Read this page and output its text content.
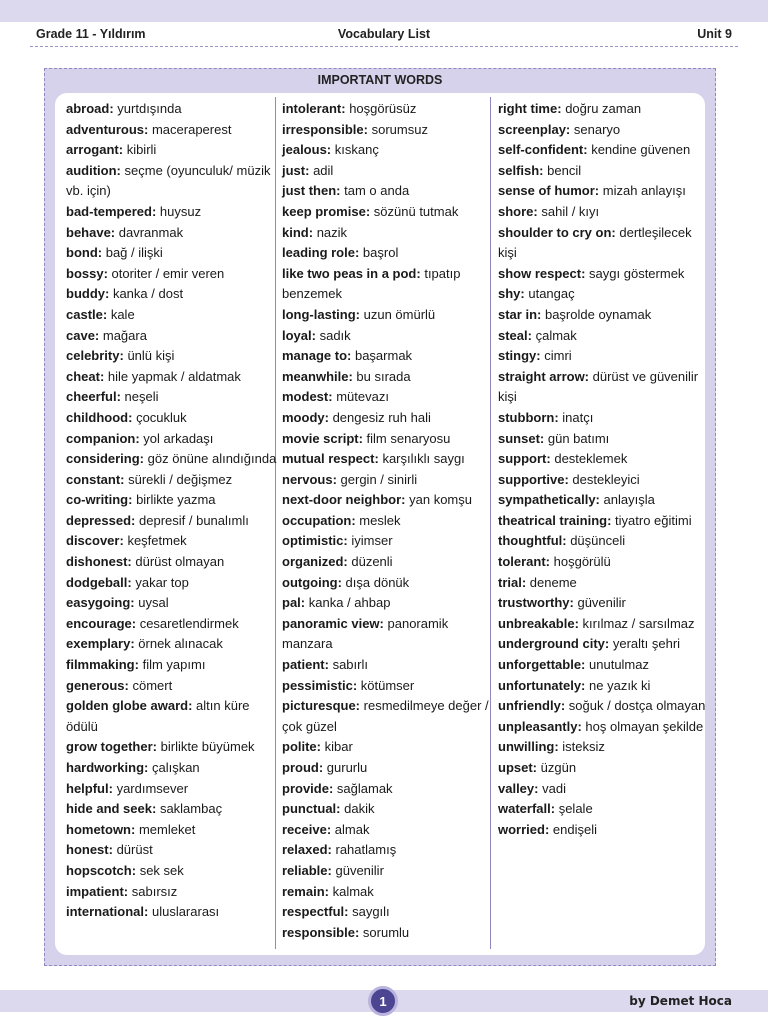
Grade 11 - Yıldırım	Vocabulary List	Unit 9
IMPORTANT WORDS
abroad: yurtdışında
adventurous: maceraperest
arrogant: kibirli
audition: seçme (oyunculuk/ müzik vb. için)
bad-tempered: huysuz
behave: davranmak
bond: bağ / ilişki
bossy: otoriter / emir veren
buddy: kanka / dost
castle: kale
cave: mağara
celebrity: ünlü kişi
cheat: hile yapmak / aldatmak
cheerful: neşeli
childhood: çocukluk
companion: yol arkadaşı
considering: göz önüne alındığında
constant: sürekli / değişmez
co-writing: birlikte yazma
depressed: depresif / bunalımlı
discover: keşfetmek
dishonest: dürüst olmayan
dodgeball: yakar top
easygoing: uysal
encourage: cesaretlendirmek
exemplary: örnek alınacak
filmmaking: film yapımı
generous: cömert
golden globe award: altın küre ödülü
grow together: birlikte büyümek
hardworking: çalışkan
helpful: yardımsever
hide and seek: saklambaç
hometown: memleket
honest: dürüst
hopscotch: sek sek
impatient: sabırsız
international: uluslararası
intolerant: hoşgörüsüz
irresponsible: sorumsuz
jealous: kıskanç
just: adil
just then: tam o anda
keep promise: sözünü tutmak
kind: nazik
leading role: başrol
like two peas in a pod: tıpatıp benzemek
long-lasting: uzun ömürlü
loyal: sadık
manage to: başarmak
meanwhile: bu sırada
modest: mütevazı
moody: dengesiz ruh hali
movie script: film senaryosu
mutual respect: karşılıklı saygı
nervous: gergin / sinirli
next-door neighbor: yan komşu
occupation: meslek
optimistic: iyimser
organized: düzenli
outgoing: dışa dönük
pal: kanka / ahbap
panoramic view: panoramik manzara
patient: sabırlı
pessimistic: kötümser
picturesque: resmedilmeye değer / çok güzel
polite: kibar
proud: gururlu
provide: sağlamak
punctual: dakik
receive: almak
relaxed: rahatlamış
reliable: güvenilir
remain: kalmak
respectful: saygılı
responsible: sorumlu
right time: doğru zaman
screenplay: senaryo
self-confident: kendine güvenen
selfish: bencil
sense of humor: mizah anlayışı
shore: sahil / kıyı
shoulder to cry on: dertleşilecek kişi
show respect: saygı göstermek
shy: utangaç
star in: başrolde oynamak
steal: çalmak
stingy: cimri
straight arrow: dürüst ve güvenilir kişi
stubborn: inatçı
sunset: gün batımı
support: desteklemek
supportive: destekleyici
sympathetically: anlayışla
theatrical training: tiyatro eğitimi
thoughtful: düşünceli
tolerant: hoşgörülü
trial: deneme
trustworthy: güvenilir
unbreakable: kırılmaz / sarsılmaz
underground city: yeraltı şehri
unforgettable: unutulmaz
unfortunately: ne yazık ki
unfriendly: soğuk / dostça olmayan
unpleasantly: hoş olmayan şekilde
unwilling: isteksiz
upset: üzgün
valley: vadi
waterfall: şelale
worried: endişeli
1	by Demet Hoca
